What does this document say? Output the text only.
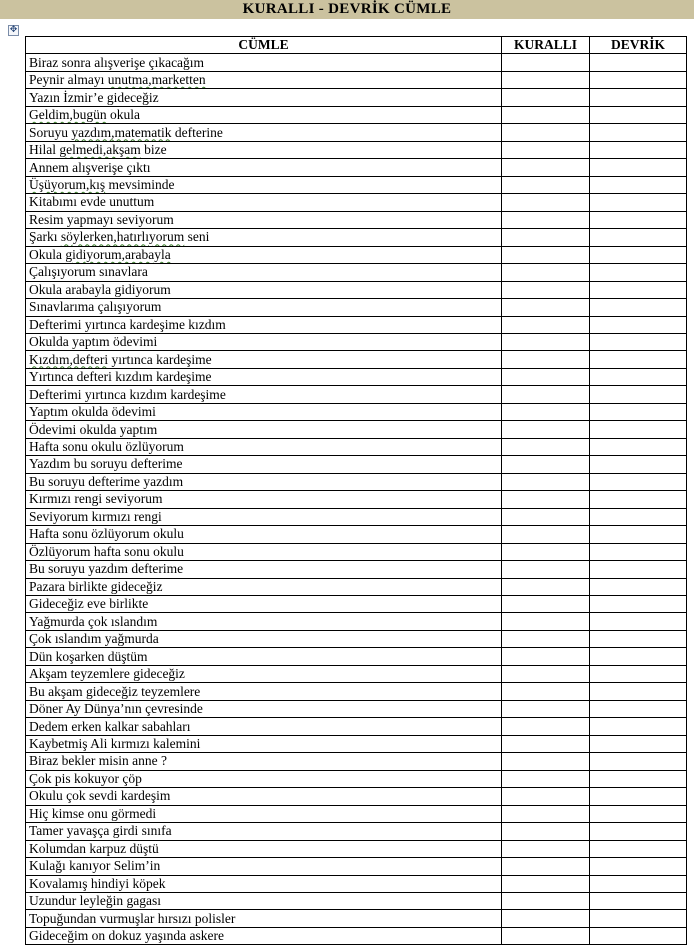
KURALLI - DEVRİK CÜMLE
✥
CÜMLE	KURALLI	DEVRİK
Biraz sonra alışverişe çıkacağım		
Peynir almayı unutma,marketten		
Yazın İzmir’e gideceğiz		
Geldim,bugün okula		
Soruyu yazdım,matematik defterine		
Hilal gelmedi,akşam bize		
Annem alışverişe çıktı		
Üşüyorum,kış mevsiminde		
Kitabımı evde unuttum		
Resim yapmayı seviyorum		
Şarkı söylerken,hatırlıyorum seni		
Okula gidiyorum,arabayla		
Çalışıyorum sınavlara		
Okula arabayla gidiyorum		
Sınavlarıma çalışıyorum		
Defterimi yırtınca kardeşime kızdım		
Okulda yaptım ödevimi		
Kızdım,defteri yırtınca kardeşime		
Yırtınca defteri kızdım kardeşime		
Defterimi yırtınca kızdım kardeşime		
Yaptım okulda ödevimi		
Ödevimi okulda yaptım		
Hafta sonu okulu özlüyorum		
Yazdım bu soruyu defterime		
Bu soruyu defterime yazdım		
Kırmızı rengi seviyorum		
Seviyorum kırmızı rengi		
Hafta sonu özlüyorum okulu		
Özlüyorum hafta sonu okulu		
Bu soruyu yazdım defterime		
Pazara birlikte gideceğiz		
Gideceğiz eve birlikte		
Yağmurda çok ıslandım		
Çok ıslandım yağmurda		
Dün koşarken düştüm		
Akşam teyzemlere gideceğiz		
Bu akşam gideceğiz teyzemlere		
Döner Ay Dünya’nın çevresinde		
Dedem erken kalkar sabahları		
Kaybetmiş Ali kırmızı kalemini		
Biraz bekler misin anne ?		
Çok pis kokuyor çöp		
Okulu çok sevdi kardeşim		
Hiç kimse onu görmedi		
Tamer yavaşça girdi sınıfa		
Kolumdan karpuz düştü		
Kulağı kanıyor Selim’in		
Kovalamış hindiyi köpek		
Uzundur leyleğin gagası		
Topuğundan vurmuşlar hırsızı polisler		
Gideceğim on dokuz yaşında askere		
